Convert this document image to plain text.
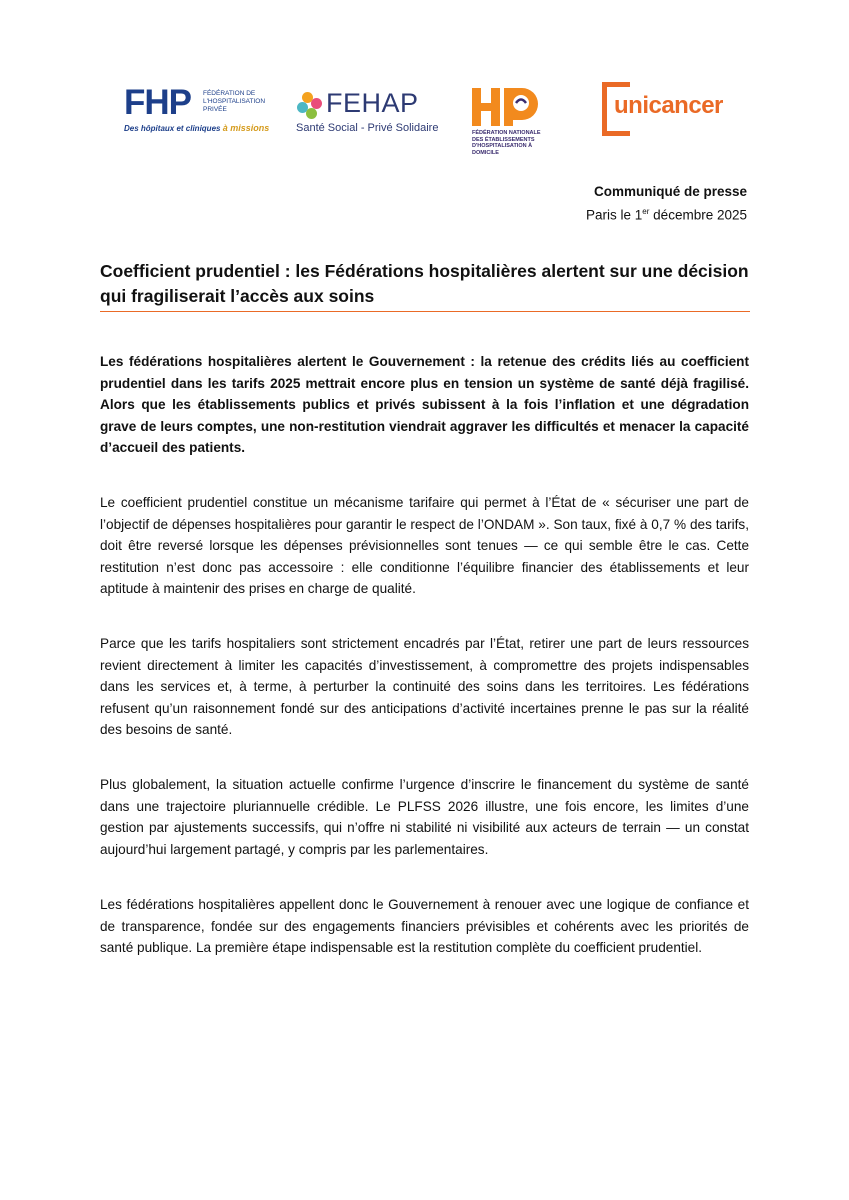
FHP FÉDÉRATION DE L'HOSPITALISATION PRIVÉE
Des hôpitaux et cliniques à missions
FEHAP
Santé Social - Privé Solidaire	FÉDÉRATION NATIONALE DES ÉTABLISSEMENTS D'HOSPITALISATION À DOMICILE
unicancer
Communiqué de presse
Paris le 1er décembre 2025
Coefficient prudentiel : les Fédérations hospitalières alertent sur une décision qui fragiliserait l’accès aux soins
Les fédérations hospitalières alertent le Gouvernement : la retenue des crédits liés au coefficient prudentiel dans les tarifs 2025 mettrait encore plus en tension un système de santé déjà fragilisé. Alors que les établissements publics et privés subissent à la fois l’inflation et une dégradation grave de leurs comptes, une non-restitution viendrait aggraver les difficultés et menacer la capacité d’accueil des patients.
Le coefficient prudentiel constitue un mécanisme tarifaire qui permet à l’État de « sécuriser une part de l’objectif de dépenses hospitalières pour garantir le respect de l’ONDAM ». Son taux, fixé à 0,7 % des tarifs, doit être reversé lorsque les dépenses prévisionnelles sont tenues — ce qui semble être le cas. Cette restitution n’est donc pas accessoire : elle conditionne l’équilibre financier des établissements et leur aptitude à maintenir des prises en charge de qualité.
Parce que les tarifs hospitaliers sont strictement encadrés par l’État, retirer une part de leurs ressources revient directement à limiter les capacités d’investissement, à compromettre des projets indispensables dans les services et, à terme, à perturber la continuité des soins dans les territoires. Les fédérations refusent qu’un raisonnement fondé sur des anticipations d’activité incertaines prenne le pas sur la réalité des besoins de santé.
Plus globalement, la situation actuelle confirme l’urgence d’inscrire le financement du système de santé dans une trajectoire pluriannuelle crédible. Le PLFSS 2026 illustre, une fois encore, les limites d’une gestion par ajustements successifs, qui n’offre ni stabilité ni visibilité aux acteurs de terrain — un constat aujourd’hui largement partagé, y compris par les parlementaires.
Les fédérations hospitalières appellent donc le Gouvernement à renouer avec une logique de confiance et de transparence, fondée sur des engagements financiers prévisibles et cohérents avec les priorités de santé publique. La première étape indispensable est la restitution complète du coefficient prudentiel.
